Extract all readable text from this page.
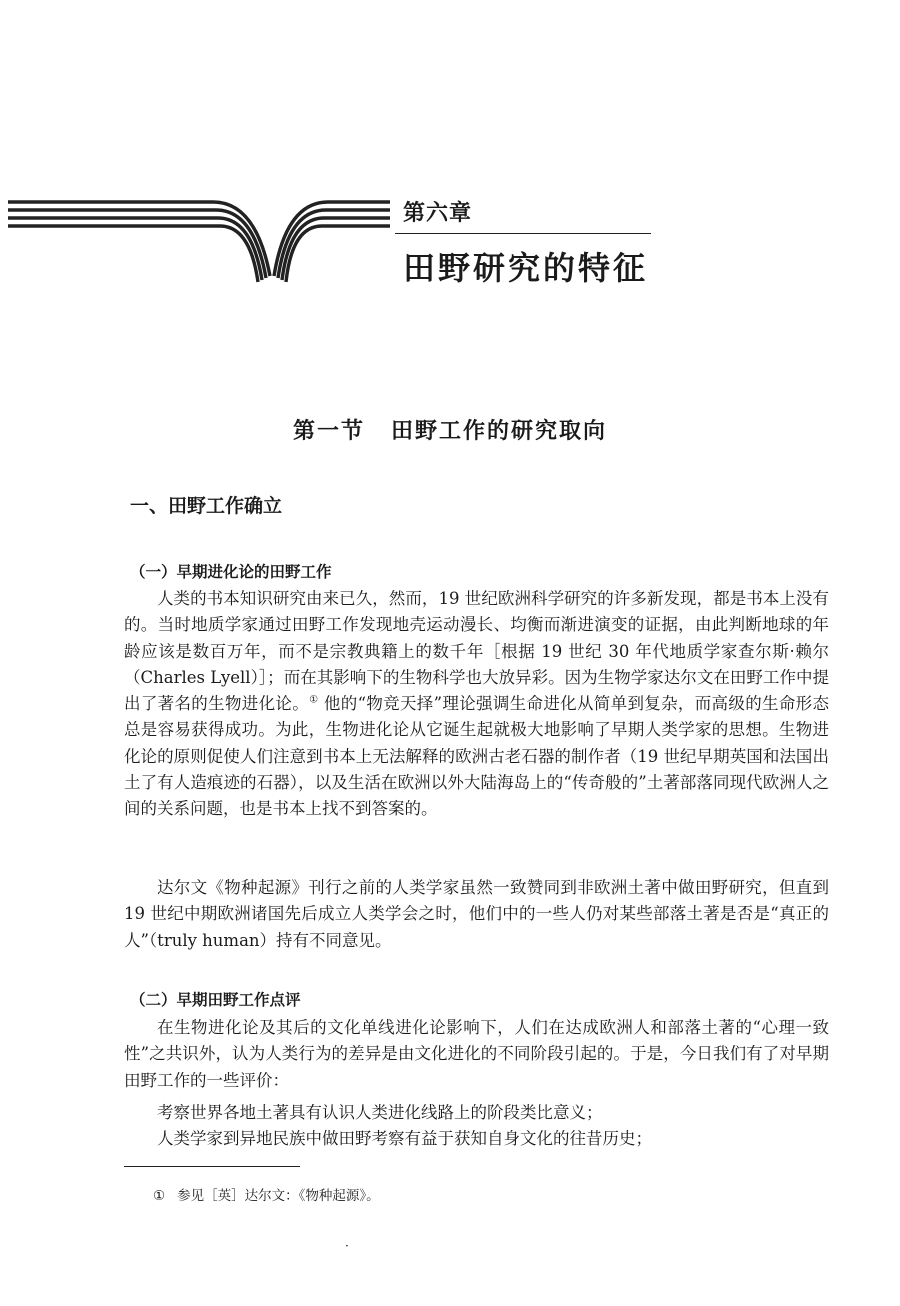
第六章
田野研究的特征
第一节 田野工作的研究取向
一、田野工作确立
（一）早期进化论的田野工作

人类的书本知识研究由来已久，然而，19 世纪欧洲科学研究的许多新发现，都是书本上没有的。当时地质学家通过田野工作发现地壳运动漫长、均衡而渐进演变的证据，由此判断地球的年龄应该是数百万年，而不是宗教典籍上的数千年［根据 19 世纪 30 年代地质学家查尔斯·赖尔（Charles Lyell）］；而在其影响下的生物科学也大放异彩。因为生物学家达尔文在田野工作中提出了著名的生物进化论。① 他的“物竞天择”理论强调生命进化从简单到复杂，而高级的生命形态总是容易获得成功。为此，生物进化论从它诞生起就极大地影响了早期人类学家的思想。生物进化论的原则促使人们注意到书本上无法解释的欧洲古老石器的制作者（19 世纪早期英国和法国出土了有人造痕迹的石器），以及生活在欧洲以外大陆海岛上的“传奇般的”土著部落同现代欧洲人之间的关系问题，也是书本上找不到答案的。

达尔文《物种起源》刊行之前的人类学家虽然一致赞同到非欧洲土著中做田野研究，但直到 19 世纪中期欧洲诸国先后成立人类学会之时，他们中的一些人仍对某些部落土著是否是“真正的人”（truly human）持有不同意见。

（二）早期田野工作点评

在生物进化论及其后的文化单线进化论影响下，人们在达成欧洲人和部落土著的“心理一致性”之共识外，认为人类行为的差异是由文化进化的不同阶段引起的。于是，今日我们有了对早期田野工作的一些评价：

考察世界各地土著具有认识人类进化线路上的阶段类比意义；

人类学家到异地民族中做田野考察有益于获知自身文化的往昔历史；

① 参见［英］达尔文：《物种起源》。
·
